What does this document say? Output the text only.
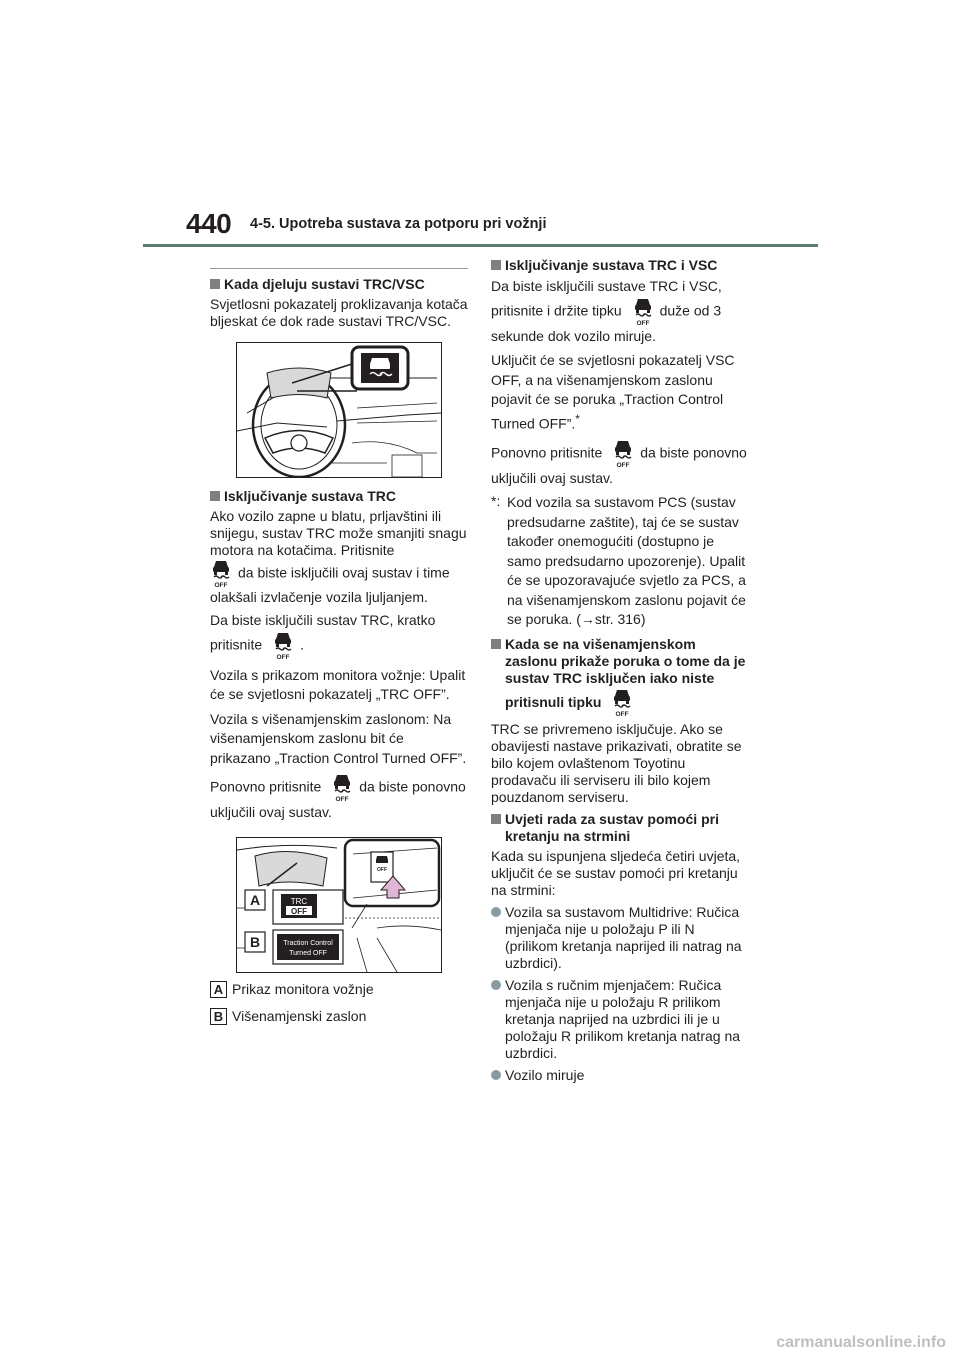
440 4-5. Upotreba sustava za potporu pri vožnji
Kada djeluju sustavi TRC/VSC

Svjetlosni pokazatelj proklizavanja kotača bljeskat će dok rade sustavi TRC/VSC.

Isključivanje sustava TRC

Ako vozilo zapne u blatu, prljavštini ili snijegu, sustav TRC može smanjiti snagu motora na kotačima. Pritisnite
da biste isključili ovaj sustav i time olakšali izvlačenje vozila ljuljanjem.

Da biste isključili sustav TRC, kratko pritisnite	.

Vozila s prikazom monitora vožnje: Upalit će se svjetlosni pokazatelj „TRC OFF”.

Vozila s višenamjenskim zaslonom: Na višenamjenskom zaslonu bit će prikazano „Traction Control Turned OFF”.

Ponovno pritisnite	da biste ponovno uključili ovaj sustav.

A	TRC
OFF
B	Traction Control
Turned OFF
OFF
A Prikaz monitora vožnje
B Višenamjenski zaslon
Isključivanje sustava TRC i VSC

Da biste isključili sustave TRC i VSC, pritisnite i držite tipku	duže od 3 sekunde dok vozilo miruje.

Uključit će se svjetlosni pokazatelj VSC OFF, a na višenamjenskom zaslonu pojavit će se poruka „Traction Control Turned OFF”.*

Ponovno pritisnite	da biste ponovno uključili ovaj sustav.

*: Kod vozila sa sustavom PCS (sustav predsudarne zaštite), taj će se sustav također onemogućiti (dostupno je samo predsudarno upozorenje). Upalit će se upozoravajuće svjetlo za PCS, a na višenamjenskom zaslonu pojavit će se poruka. (→str. 316)
Kada se na višenamjenskom zaslonu prikaže poruka o tome da je sustav TRC isključen iako niste
pritisnuli tipku

TRC se privremeno isključuje. Ako se obavijesti nastave prikazivati, obratite se bilo kojem ovlaštenom Toyotinu prodavaču ili serviseru ili bilo kojem pouzdanom serviseru.

Uvjeti rada za sustav pomoći pri kretanju na strmini

Kada su ispunjena sljedeća četiri uvjeta, uključit će se sustav pomoći pri kretanju na strmini:

Vozila sa sustavom Multidrive: Ručica mjenjača nije u položaju P ili N (prilikom kretanja naprijed ili natrag na uzbrdici).
Vozila s ručnim mjenjačem: Ručica mjenjača nije u položaju R prilikom kretanja naprijed na uzbrdici ili je u položaju R prilikom kretanja natrag na uzbrdici.
Vozilo miruje
carmanualsonline.info
